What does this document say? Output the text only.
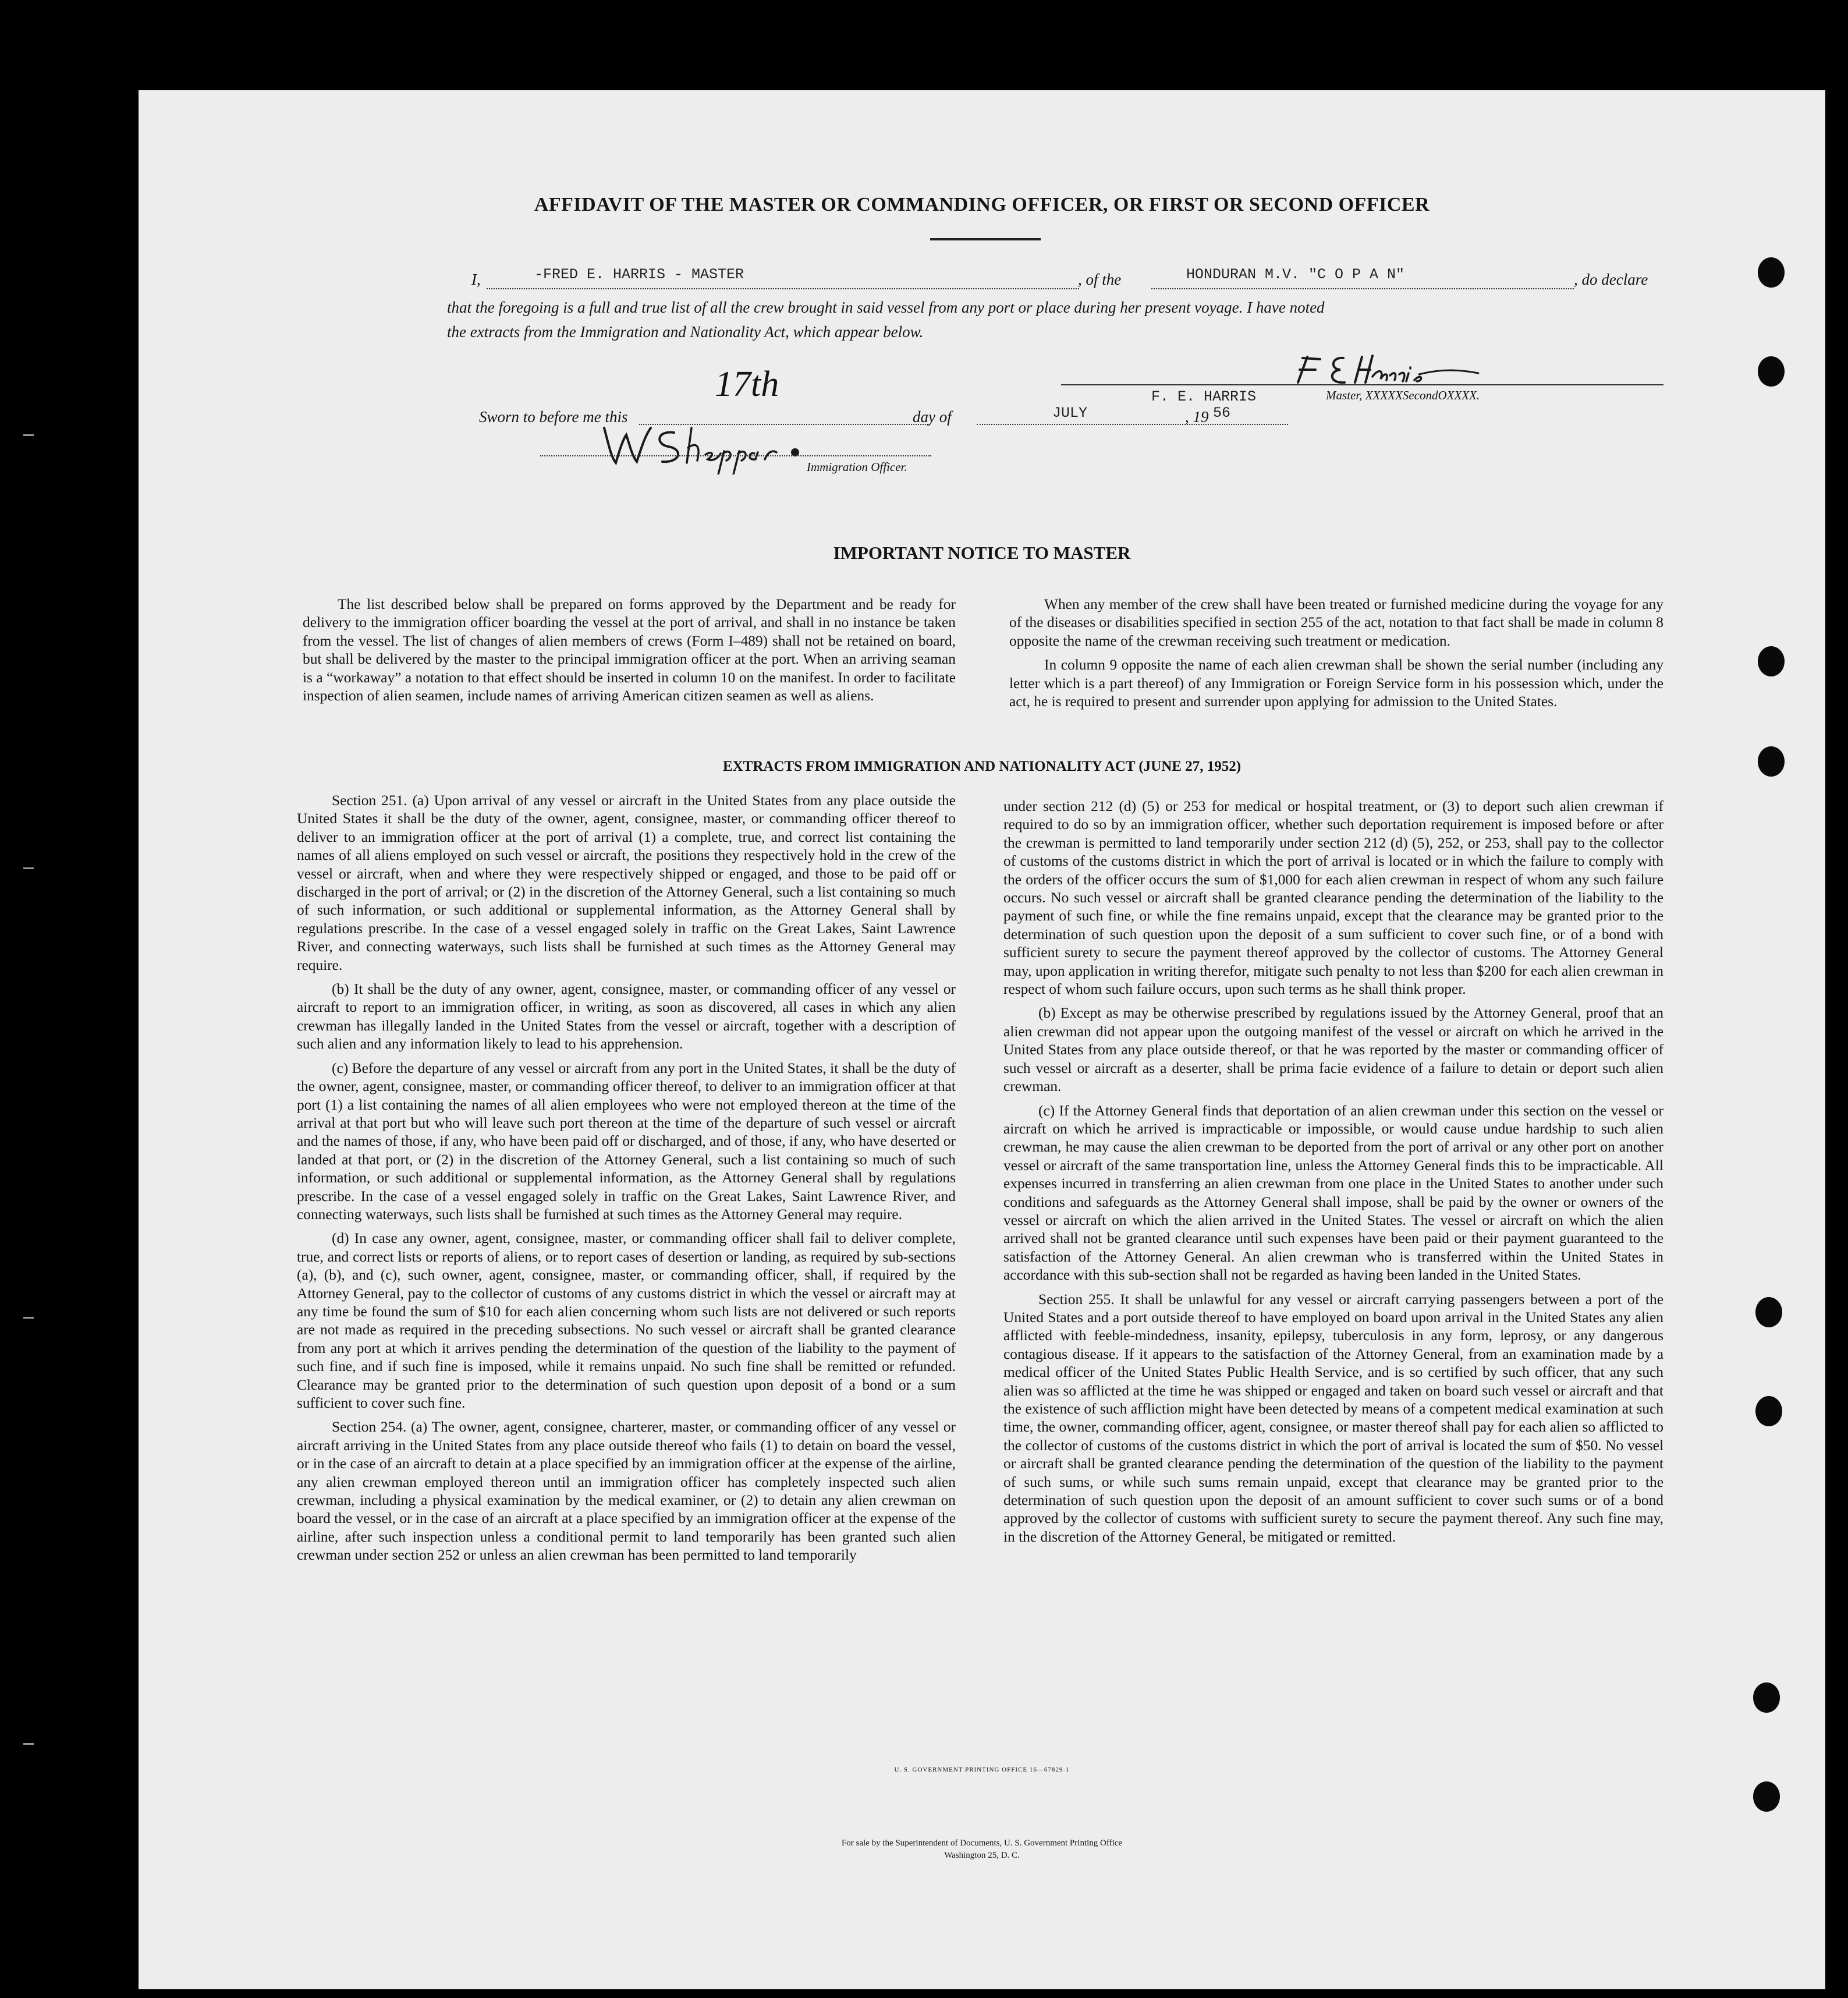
AFFIDAVIT OF THE MASTER OR COMMANDING OFFICER, OR FIRST OR SECOND OFFICER
I,	-FRED E. HARRIS - MASTER	, of the	HONDURAN M.V. "C O P A N"	, do declare
that the foregoing is a full and true list of all the crew brought in said vessel from any port or place during her present voyage. I have noted
the extracts from the Immigration and Nationality Act, which appear below.
F. E. HARRIS	Master, XXXXXSecondOXXXX.
Sworn to before me this
17th
day of	JULY	, 19 56
Immigration Officer.
IMPORTANT NOTICE TO MASTER

The list described below shall be prepared on forms approved by the Department and be ready for delivery to the immigration officer boarding the vessel at the port of arrival, and shall in no instance be taken from the vessel. The list of changes of alien members of crews (Form I–489) shall not be retained on board, but shall be delivered by the master to the principal immigration officer at the port. When an arriving seaman is a “workaway” a notation to that effect should be inserted in column 10 on the manifest. In order to facilitate inspection of alien seamen, include names of arriving American citizen seamen as well as aliens.

When any member of the crew shall have been treated or furnished medicine during the voyage for any of the diseases or disabilities specified in section 255 of the act, notation to that fact shall be made in column 8 opposite the name of the crewman receiving such treatment or medication.

In column 9 opposite the name of each alien crewman shall be shown the serial number (including any letter which is a part thereof) of any Immigration or Foreign Service form in his possession which, under the act, he is required to present and surrender upon applying for admission to the United States.

EXTRACTS FROM IMMIGRATION AND NATIONALITY ACT (JUNE 27, 1952)

Section 251. (a) Upon arrival of any vessel or aircraft in the United States from any place outside the United States it shall be the duty of the owner, agent, consignee, master, or commanding officer thereof to deliver to an immigration officer at the port of arrival (1) a complete, true, and correct list containing the names of all aliens employed on such vessel or aircraft, the positions they respectively hold in the crew of the vessel or aircraft, when and where they were respectively shipped or engaged, and those to be paid off or discharged in the port of arrival; or (2) in the discretion of the Attorney General, such a list containing so much of such information, or such additional or supplemental information, as the Attorney General shall by regulations prescribe. In the case of a vessel engaged solely in traffic on the Great Lakes, Saint Lawrence River, and connecting waterways, such lists shall be furnished at such times as the Attorney General may require.

(b) It shall be the duty of any owner, agent, consignee, master, or commanding officer of any vessel or aircraft to report to an immigration officer, in writing, as soon as discovered, all cases in which any alien crewman has illegally landed in the United States from the vessel or aircraft, together with a description of such alien and any information likely to lead to his apprehension.

(c) Before the departure of any vessel or aircraft from any port in the United States, it shall be the duty of the owner, agent, consignee, master, or commanding officer thereof, to deliver to an immigration officer at that port (1) a list containing the names of all alien employees who were not employed thereon at the time of the arrival at that port but who will leave such port thereon at the time of the departure of such vessel or aircraft and the names of those, if any, who have been paid off or discharged, and of those, if any, who have deserted or landed at that port, or (2) in the discretion of the Attorney General, such a list containing so much of such information, or such additional or supplemental information, as the Attorney General shall by regulations prescribe. In the case of a vessel engaged solely in traffic on the Great Lakes, Saint Lawrence River, and connecting waterways, such lists shall be furnished at such times as the Attorney General may require.

(d) In case any owner, agent, consignee, master, or commanding officer shall fail to deliver complete, true, and correct lists or reports of aliens, or to report cases of desertion or landing, as required by sub-sections (a), (b), and (c), such owner, agent, consignee, master, or commanding officer, shall, if required by the Attorney General, pay to the collector of customs of any customs district in which the vessel or aircraft may at any time be found the sum of $10 for each alien concerning whom such lists are not delivered or such reports are not made as required in the preceding subsections. No such vessel or aircraft shall be granted clearance from any port at which it arrives pending the determination of the question of the liability to the payment of such fine, and if such fine is imposed, while it remains unpaid. No such fine shall be remitted or refunded. Clearance may be granted prior to the determination of such question upon deposit of a bond or a sum sufficient to cover such fine.

Section 254. (a) The owner, agent, consignee, charterer, master, or commanding officer of any vessel or aircraft arriving in the United States from any place outside thereof who fails (1) to detain on board the vessel, or in the case of an aircraft to detain at a place specified by an immigration officer at the expense of the airline, any alien crewman employed thereon until an immigration officer has completely inspected such alien crewman, including a physical examination by the medical examiner, or (2) to detain any alien crewman on board the vessel, or in the case of an aircraft at a place specified by an immigration officer at the expense of the airline, after such inspection unless a conditional permit to land temporarily has been granted such alien crewman under section 252 or unless an alien crewman has been permitted to land temporarily

under section 212 (d) (5) or 253 for medical or hospital treatment, or (3) to deport such alien crewman if required to do so by an immigration officer, whether such deportation requirement is imposed before or after the crewman is permitted to land temporarily under section 212 (d) (5), 252, or 253, shall pay to the collector of customs of the customs district in which the port of arrival is located or in which the failure to comply with the orders of the officer occurs the sum of $1,000 for each alien crewman in respect of whom any such failure occurs. No such vessel or aircraft shall be granted clearance pending the determination of the liability to the payment of such fine, or while the fine remains unpaid, except that the clearance may be granted prior to the determination of such question upon the deposit of a sum sufficient to cover such fine, or of a bond with sufficient surety to secure the payment thereof approved by the collector of customs. The Attorney General may, upon application in writing therefor, mitigate such penalty to not less than $200 for each alien crewman in respect of whom such failure occurs, upon such terms as he shall think proper.

(b) Except as may be otherwise prescribed by regulations issued by the Attorney General, proof that an alien crewman did not appear upon the outgoing manifest of the vessel or aircraft on which he arrived in the United States from any place outside thereof, or that he was reported by the master or commanding officer of such vessel or aircraft as a deserter, shall be prima facie evidence of a failure to detain or deport such alien crewman.

(c) If the Attorney General finds that deportation of an alien crewman under this section on the vessel or aircraft on which he arrived is impracticable or impossible, or would cause undue hardship to such alien crewman, he may cause the alien crewman to be deported from the port of arrival or any other port on another vessel or aircraft of the same transportation line, unless the Attorney General finds this to be impracticable. All expenses incurred in transferring an alien crewman from one place in the United States to another under such conditions and safeguards as the Attorney General shall impose, shall be paid by the owner or owners of the vessel or aircraft on which the alien arrived in the United States. The vessel or aircraft on which the alien arrived shall not be granted clearance until such expenses have been paid or their payment guaranteed to the satisfaction of the Attorney General. An alien crewman who is transferred within the United States in accordance with this sub-section shall not be regarded as having been landed in the United States.

Section 255. It shall be unlawful for any vessel or aircraft carrying passengers between a port of the United States and a port outside thereof to have employed on board upon arrival in the United States any alien afflicted with feeble-mindedness, insanity, epilepsy, tuberculosis in any form, leprosy, or any dangerous contagious disease. If it appears to the satisfaction of the Attorney General, from an examination made by a medical officer of the United States Public Health Service, and is so certified by such officer, that any such alien was so afflicted at the time he was shipped or engaged and taken on board such vessel or aircraft and that the existence of such affliction might have been detected by means of a competent medical examination at such time, the owner, commanding officer, agent, consignee, or master thereof shall pay for each alien so afflicted to the collector of customs of the customs district in which the port of arrival is located the sum of $50. No vessel or aircraft shall be granted clearance pending the determination of the question of the liability to the payment of such sums, or while such sums remain unpaid, except that clearance may be granted prior to the determination of such question upon the deposit of an amount sufficient to cover such sums or of a bond approved by the collector of customs with sufficient surety to secure the payment thereof. Any such fine may, in the discretion of the Attorney General, be mitigated or remitted.

U. S. GOVERNMENT PRINTING OFFICE 16—67829-1
For sale by the Superintendent of Documents, U. S. Government Printing Office
Washington 25, D. C.
